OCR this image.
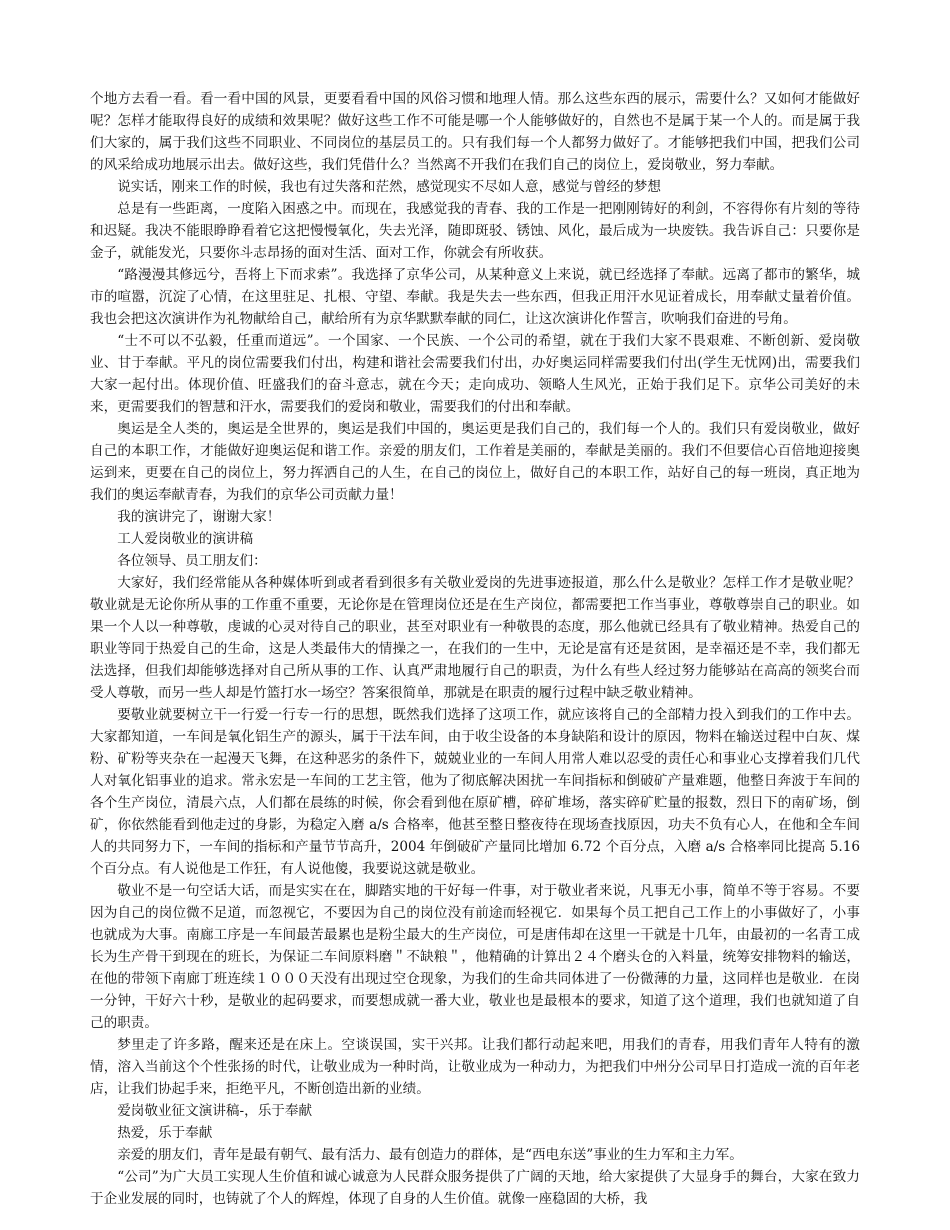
个地方去看一看。看一看中国的风景，更要看看中国的风俗习惯和地理人情。那么这些东西的展示，需要什么？又如何才能做好呢？怎样才能取得良好的成绩和效果呢？做好这些工作不可能是哪一个人能够做好的，自然也不是属于某一个人的。而是属于我们大家的，属于我们这些不同职业、不同岗位的基层员工的。只有我们每一个人都努力做好了。才能够把我们中国，把我们公司的风采给成功地展示出去。做好这些，我们凭借什么？当然离不开我们在我们自己的岗位上，爱岗敬业，努力奉献。

说实话，刚来工作的时候，我也有过失落和茫然，感觉现实不尽如人意，感觉与曾经的梦想

总是有一些距离，一度陷入困惑之中。而现在，我感觉我的青春、我的工作是一把刚刚铸好的利剑，不容得你有片刻的等待和迟疑。我决不能眼睁睁看着它这把慢慢氧化，失去光泽，随即斑驳、锈蚀、风化，最后成为一块废铁。我告诉自己：只要你是金子，就能发光，只要你斗志昂扬的面对生活、面对工作，你就会有所收获。

“路漫漫其修远兮，吾将上下而求索”。我选择了京华公司，从某种意义上来说，就已经选择了奉献。远离了都市的繁华，城市的喧嚣，沉淀了心情，在这里驻足、扎根、守望、奉献。我是失去一些东西，但我正用汗水见证着成长，用奉献丈量着价值。我也会把这次演讲作为礼物献给自己，献给所有为京华默默奉献的同仁，让这次演讲化作誓言，吹响我们奋进的号角。

“士不可以不弘毅，任重而道远”。一个国家、一个民族、一个公司的希望，就在于我们大家不畏艰难、不断创新、爱岗敬业、甘于奉献。平凡的岗位需要我们付出，构建和谐社会需要我们付出，办好奥运同样需要我们付出(学生无忧网)出，需要我们大家一起付出。体现价值、旺盛我们的奋斗意志，就在今天；走向成功、领略人生风光，正始于我们足下。京华公司美好的未来，更需要我们的智慧和汗水，需要我们的爱岗和敬业，需要我们的付出和奉献。

奥运是全人类的，奥运是全世界的，奥运是我们中国的，奥运更是我们自己的，我们每一个人的。我们只有爱岗敬业，做好自己的本职工作，才能做好迎奥运促和谐工作。亲爱的朋友们，工作着是美丽的，奉献是美丽的。我们不但要信心百倍地迎接奥运到来，更要在自己的岗位上，努力挥洒自己的人生，在自己的岗位上，做好自己的本职工作，站好自己的每一班岗，真正地为我们的奥运奉献青春，为我们的京华公司贡献力量！

我的演讲完了，谢谢大家！

工人爱岗敬业的演讲稿

各位领导、员工朋友们：

大家好，我们经常能从各种媒体听到或者看到很多有关敬业爱岗的先进事迹报道，那么什么是敬业？怎样工作才是敬业呢？敬业就是无论你所从事的工作重不重要，无论你是在管理岗位还是在生产岗位，都需要把工作当事业，尊敬尊崇自己的职业。如果一个人以一种尊敬，虔诚的心灵对待自己的职业，甚至对职业有一种敬畏的态度，那么他就已经具有了敬业精神。热爱自己的职业等同于热爱自己的生命，这是人类最伟大的情操之一，在我们的一生中，无论是富有还是贫困，是幸福还是不幸，我们都无法选择，但我们却能够选择对自己所从事的工作、认真严肃地履行自己的职责，为什么有些人经过努力能够站在高高的领奖台而受人尊敬，而另一些人却是竹篮打水一场空？答案很简单，那就是在职责的履行过程中缺乏敬业精神。

要敬业就要树立干一行爱一行专一行的思想，既然我们选择了这项工作，就应该将自己的全部精力投入到我们的工作中去。大家都知道，一车间是氧化铝生产的源头，属于干法车间，由于收尘设备的本身缺陷和设计的原因，物料在输送过程中白灰、煤粉、矿粉等夹杂在一起漫天飞舞，在这种恶劣的条件下，兢兢业业的一车间人用常人难以忍受的责任心和事业心支撑着我们几代人对氧化铝事业的追求。常永宏是一车间的工艺主管，他为了彻底解决困扰一车间指标和倒破矿产量难题，他整日奔波于车间的各个生产岗位，清晨六点，人们都在晨练的时候，你会看到他在原矿槽，碎矿堆场，落实碎矿贮量的报数，烈日下的南矿场，倒矿，你依然能看到他走过的身影，为稳定入磨 a/s 合格率，他甚至整日整夜待在现场查找原因，功夫不负有心人，在他和全车间人的共同努力下，一车间的指标和产量节节高升，2004 年倒破矿产量同比增加 6.72 个百分点，入磨 a/s 合格率同比提高 5.16 个百分点。有人说他是工作狂，有人说他傻，我要说这就是敬业。

敬业不是一句空话大话，而是实实在在，脚踏实地的干好每一件事，对于敬业者来说，凡事无小事，简单不等于容易。不要因为自己的岗位微不足道，而忽视它，不要因为自己的岗位没有前途而轻视它．如果每个员工把自己工作上的小事做好了，小事也就成为大事。南廊工序是一车间最苦最累也是粉尘最大的生产岗位，可是唐伟却在这里一干就是十几年，由最初的一名青工成长为生产骨干到现在的班长，为保证二车间原料磨＂不缺粮＂，他精确的计算出２４个磨头仓的入料量，统筹安排物料的输送，在他的带领下南廊丁班连续１０００天没有出现过空仓现象，为我们的生命共同体进了一份微薄的力量，这同样也是敬业．在岗一分钟，干好六十秒，是敬业的起码要求，而要想成就一番大业，敬业也是最根本的要求，知道了这个道理，我们也就知道了自己的职责。

梦里走了许多路，醒来还是在床上。空谈误国，实干兴邦。让我们都行动起来吧，用我们的青春，用我们青年人特有的激情，溶入当前这个个性张扬的时代，让敬业成为一种时尚，让敬业成为一种动力，为把我们中州分公司早日打造成一流的百年老店，让我们协起手来，拒绝平凡，不断创造出新的业绩。

爱岗敬业征文演讲稿-，乐于奉献

热爱，乐于奉献

亲爱的朋友们，青年是最有朝气、最有活力、最有创造力的群体，是“西电东送”事业的生力军和主力军。

“公司”为广大员工实现人生价值和诚心诚意为人民群众服务提供了广阔的天地，给大家提供了大显身手的舞台，大家在致力于企业发展的同时，也铸就了个人的辉煌，体现了自身的人生价值。就像一座稳固的大桥，我
